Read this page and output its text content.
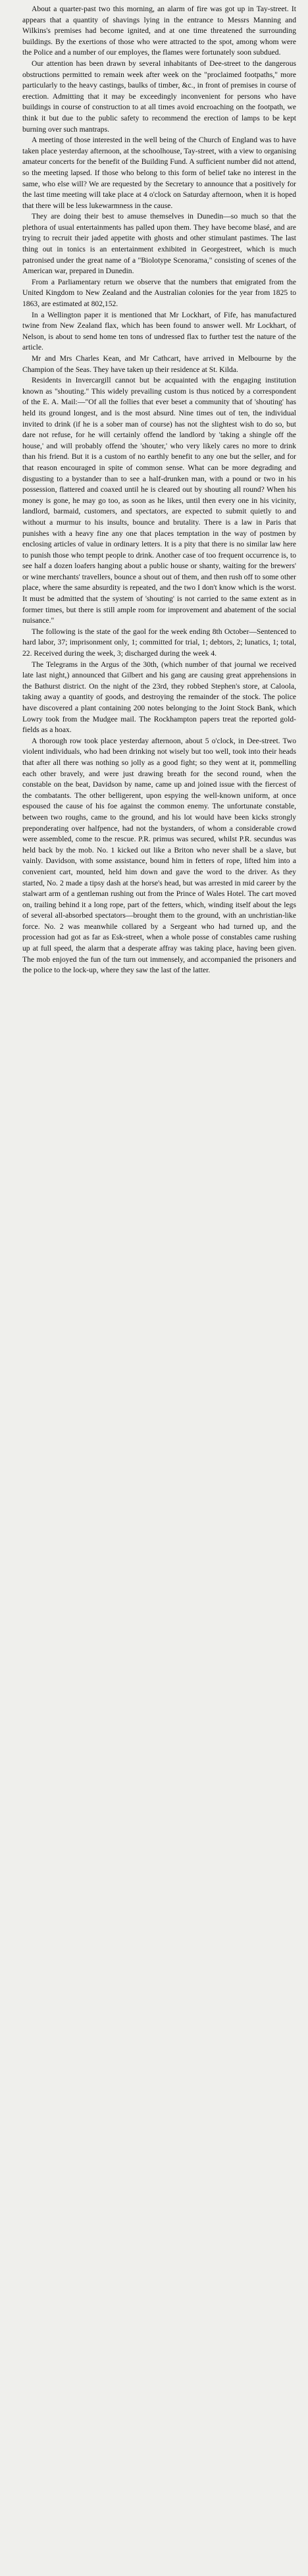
About a quarter-past two this morning, an alarm of fire was got up in Tay-street. It appears that a quantity of shavings lying in the entrance to Messrs Manning and Wilkins's premises had become ignited, and at one time threatened the surrounding buildings. By the exertions of those who were attracted to the spot, among whom were the Police and a number of our employes, the flames were fortunately soon subdued.

Our attention has been drawn by several inhabitants of Dee-street to the dangerous obstructions permitted to remain week after week on the "proclaimed footpaths," more particularly to the heavy castings, baulks of timber, &c., in front of premises in course of erection. Admitting that it may be exceedingly inconvenient for persons who have buildings in course of construction to at all times avoid encroaching on the footpath, we think it but due to the public safety to recommend the erection of lamps to be kept burning over such mantraps.

A meeting of those interested in the well being of the Church of England was to have taken place yesterday afternoon, at the schoolhouse, Tay-street, with a view to organising amateur concerts for the benefit of the Building Fund. A sufficient number did not attend, so the meeting lapsed. If those who belong to this form of belief take no interest in the same, who else will? We are requested by the Secretary to announce that a positively for the last time meeting will take place at 4 o'clock on Saturday afternoon, when it is hoped that there will be less lukewarmness in the cause.

They are doing their best to amuse themselves in Dunedin—so much so that the plethora of usual entertainments has palled upon them. They have become blasé, and are trying to recruit their jaded appetite with ghosts and other stimulant pastimes. The last thing out in tonics is an entertainment exhibited in Georgestreet, which is much patronised under the great name of a "Biolotype Scenorama," consisting of scenes of the American war, prepared in Dunedin.

From a Parliamentary return we observe that the numbers that emigrated from the United Kingdom to New Zealand and the Australian colonies for the year from 1825 to 1863, are estimated at 802,152.

In a Wellington paper it is mentioned that Mr Lockhart, of Fife, has manufactured twine from New Zealand flax, which has been found to answer well. Mr Lockhart, of Nelson, is about to send home ten tons of undressed flax to further test the nature of the article.

Mr and Mrs Charles Kean, and Mr Cathcart, have arrived in Melbourne by the Champion of the Seas. They have taken up their residence at St. Kilda.

Residents in Invercargill cannot but be acquainted with the engaging institution known as "shouting." This widely prevailing custom is thus noticed by a correspondent of the E. A. Mail:—"Of all the follies that ever beset a community that of 'shouting' has held its ground longest, and is the most absurd. Nine times out of ten, the individual invited to drink (if he is a sober man of course) has not the slightest wish to do so, but dare not refuse, for he will certainly offend the landlord by 'taking a shingle off the house,' and will probably offend the 'shouter,' who very likely cares no more to drink than his friend. But it is a custom of no earthly benefit to any one but the seller, and for that reason encouraged in spite of common sense. What can be more degrading and disgusting to a bystander than to see a half-drunken man, with a pound or two in his possession, flattered and coaxed until he is cleared out by shouting all round? When his money is gone, he may go too, as soon as he likes, until then every one in his vicinity, landlord, barmaid, customers, and spectators, are expected to submit quietly to and without a murmur to his insults, bounce and brutality. There is a law in Paris that punishes with a heavy fine any one that places temptation in the way of postmen by enclosing articles of value in ordinary letters. It is a pity that there is no similar law here to punish those who tempt people to drink. Another case of too frequent occurrence is, to see half a dozen loafers hanging about a public house or shanty, waiting for the brewers' or wine merchants' travellers, bounce a shout out of them, and then rush off to some other place, where the same absurdity is repeated, and the two I don't know which is the worst. It must be admitted that the system of 'shouting' is not carried to the same extent as in former times, but there is still ample room for improvement and abatement of the social nuisance."

The following is the state of the gaol for the week ending 8th October—Sentenced to hard labor, 37; imprisonment only, 1; committed for trial, 1; debtors, 2; lunatics, 1; total, 22. Received during the week, 3; discharged during the week 4.

The Telegrams in the Argus of the 30th, (which number of that journal we received late last night,) announced that Gilbert and his gang are causing great apprehensions in the Bathurst district. On the night of the 23rd, they robbed Stephen's store, at Caloola, taking away a quantity of goods, and destroying the remainder of the stock. The police have discovered a plant containing 200 notes belonging to the Joint Stock Bank, which Lowry took from the Mudgee mail. The Rockhampton papers treat the reported gold-fields as a hoax.

A thorough row took place yesterday afternoon, about 5 o'clock, in Dee-street. Two violent individuals, who had been drinking not wisely but too well, took into their heads that after all there was nothing so jolly as a good fight; so they went at it, pommelling each other bravely, and were just drawing breath for the second round, when the constable on the beat, Davidson by name, came up and joined issue with the fiercest of the combatants. The other belligerent, upon espying the well-known uniform, at once espoused the cause of his foe against the common enemy. The unfortunate constable, between two roughs, came to the ground, and his lot would have been kicks strongly preponderating over halfpence, had not the bystanders, of whom a considerable crowd were assembled, come to the rescue. P.R. primus was secured, whilst P.R. secundus was held back by the mob. No. 1 kicked out like a Briton who never shall be a slave, but vainly. Davidson, with some assistance, bound him in fetters of rope, lifted him into a convenient cart, mounted, held him down and gave the word to the driver. As they started, No. 2 made a tipsy dash at the horse's head, but was arrested in mid career by the stalwart arm of a gentleman rushing out from the Prince of Wales Hotel. The cart moved on, trailing behind it a long rope, part of the fetters, which, winding itself about the legs of several all-absorbed spectators—brought them to the ground, with an unchristian-like force. No. 2 was meanwhile collared by a Sergeant who had turned up, and the procession had got as far as Esk-street, when a whole posse of constables came rushing up at full speed, the alarm that a desperate affray was taking place, having been given. The mob enjoyed the fun of the turn out immensely, and accompanied the prisoners and the police to the lock-up, where they saw the last of the latter.
